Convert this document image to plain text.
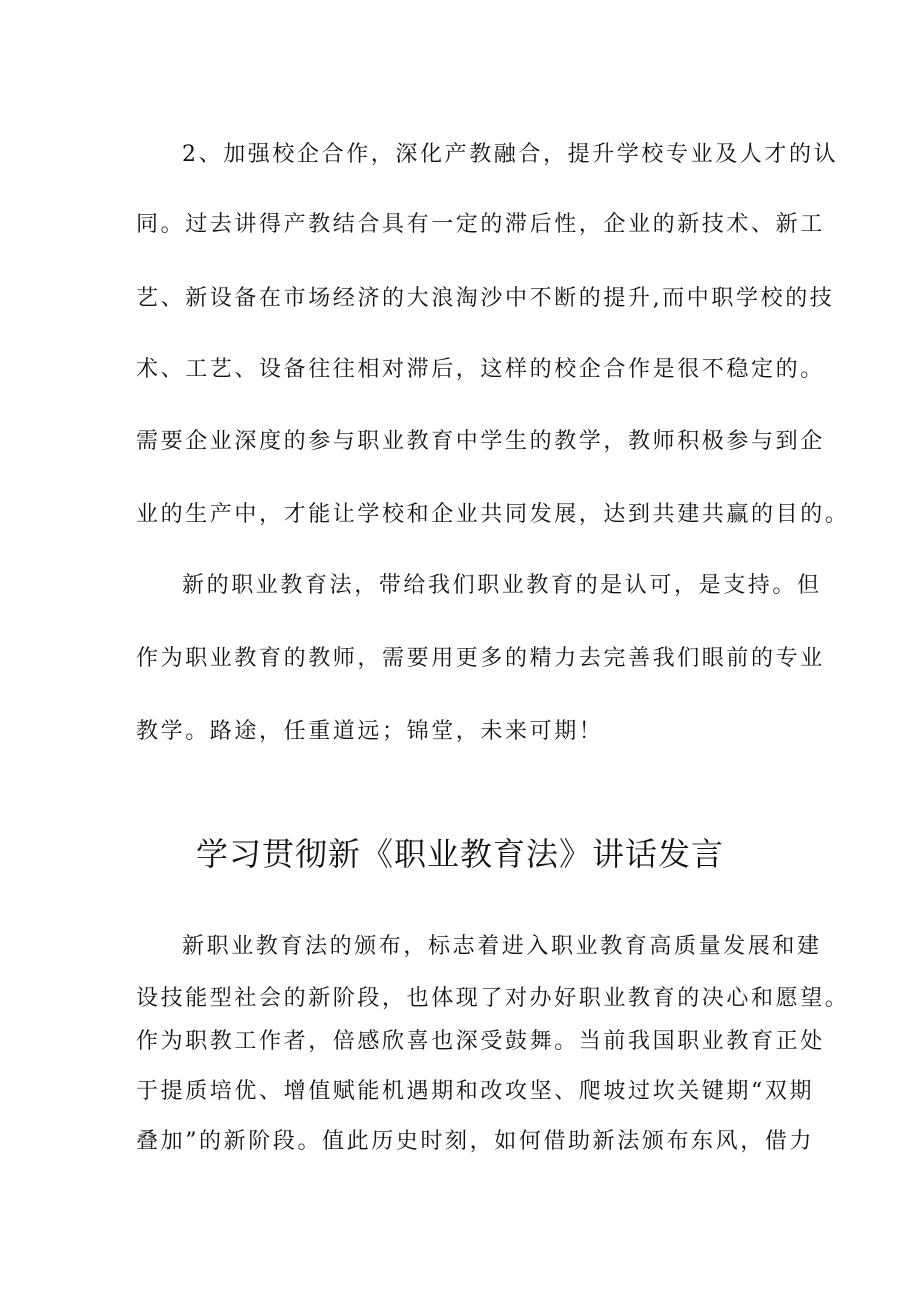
2、加强校企合作，深化产教融合，提升学校专业及人才的认
同。过去讲得产教结合具有一定的滞后性，企业的新技术、新工
艺、新设备在市场经济的大浪淘沙中不断的提升,而中职学校的技
术、工艺、设备往往相对滞后，这样的校企合作是很不稳定的。
需要企业深度的参与职业教育中学生的教学，教师积极参与到企
业的生产中，才能让学校和企业共同发展，达到共建共赢的目的。
新的职业教育法，带给我们职业教育的是认可，是支持。但
作为职业教育的教师，需要用更多的精力去完善我们眼前的专业
教学。路途，任重道远；锦堂，未来可期！
学习贯彻新《职业教育法》讲话发言
新职业教育法的颁布，标志着进入职业教育高质量发展和建
设技能型社会的新阶段，也体现了对办好职业教育的决心和愿望。
作为职教工作者，倍感欣喜也深受鼓舞。当前我国职业教育正处
于提质培优、增值赋能机遇期和改攻坚、爬坡过坎关键期“双期
叠加”的新阶段。值此历史时刻，如何借助新法颁布东风，借力
